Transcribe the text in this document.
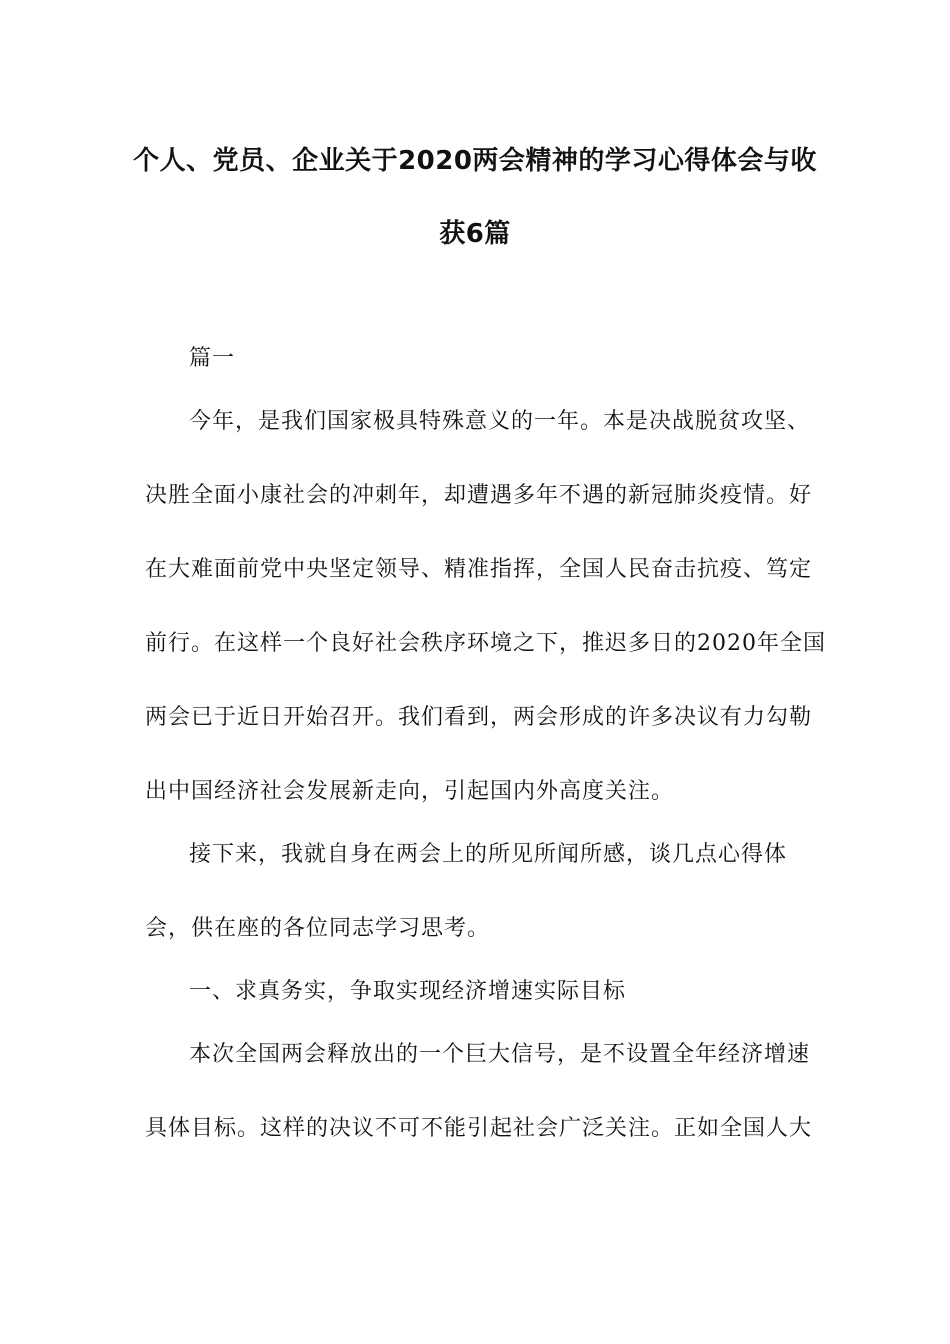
个人、党员、企业关于2020两会精神的学习心得体会与收
获6篇
篇一
今年，是我们国家极具特殊意义的一年。本是决战脱贫攻坚、
决胜全面小康社会的冲刺年，却遭遇多年不遇的新冠肺炎疫情。好
在大难面前党中央坚定领导、精准指挥，全国人民奋击抗疫、笃定
前行。在这样一个良好社会秩序环境之下，推迟多日的2020年全国
两会已于近日开始召开。我们看到，两会形成的许多决议有力勾勒
出中国经济社会发展新走向，引起国内外高度关注。
接下来，我就自身在两会上的所见所闻所感，谈几点心得体
会，供在座的各位同志学习思考。
一、求真务实，争取实现经济增速实际目标
本次全国两会释放出的一个巨大信号，是不设置全年经济增速
具体目标。这样的决议不可不能引起社会广泛关注。正如全国人大
